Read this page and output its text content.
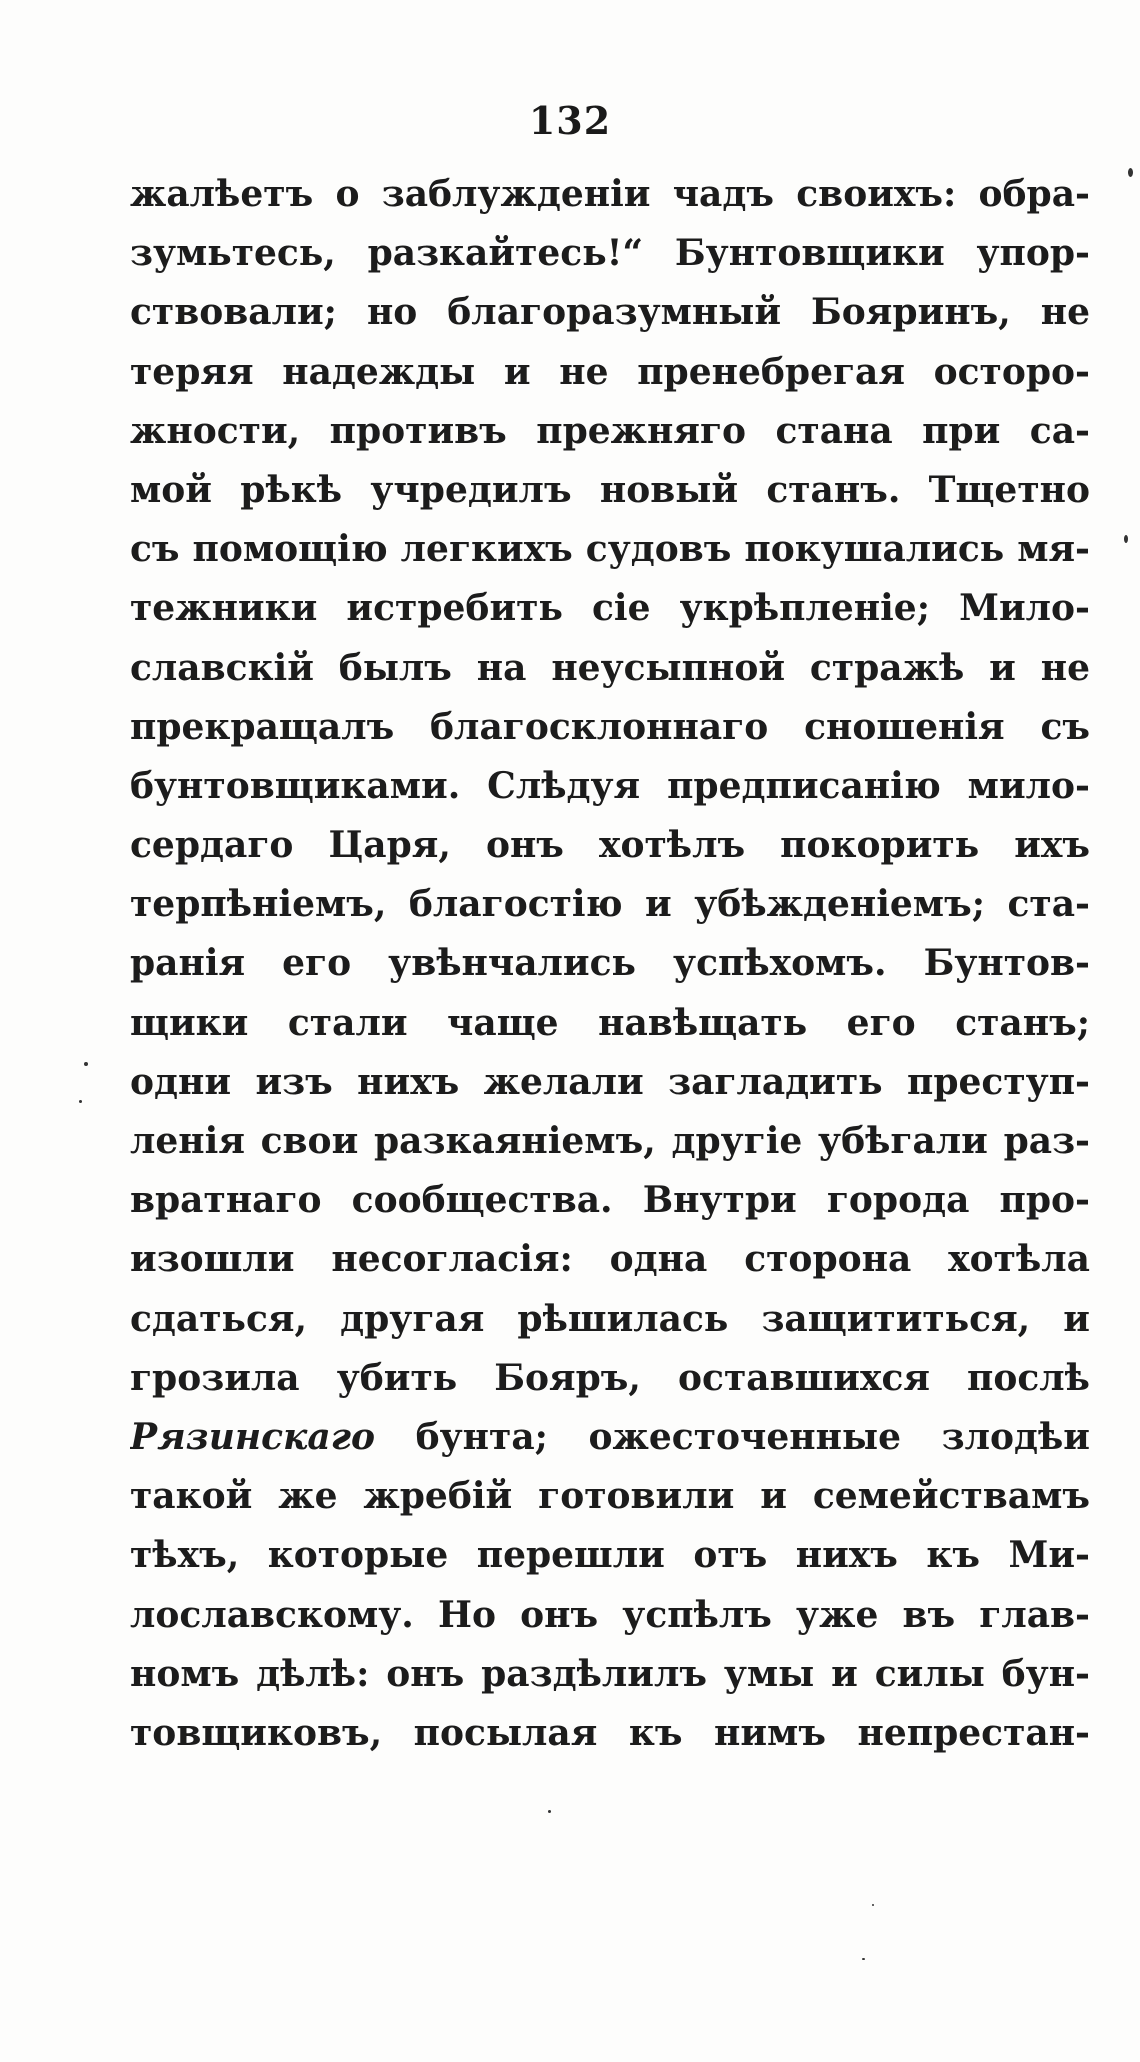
132
жалѣетъ о заблужденіи чадъ своихъ: обра-
зумьтесь, разкайтесь!“ Бунтовщики упор-
ствовали; но благоразумный Бояринъ, не
теряя надежды и не пренебрегая осторо-
жности, противъ прежняго стана при са-
мой рѣкѣ учредилъ новый станъ. Тщетно
съ помощію легкихъ судовъ покушались мя-
тежники истребить сіе укрѣпленіе; Мило-
славскій былъ на неусыпной стражѣ и не
прекращалъ благосклоннаго сношенія съ
бунтовщиками. Слѣдуя предписанію мило-
сердаго Царя, онъ хотѣлъ покорить ихъ
терпѣніемъ, благостію и убѣжденіемъ; ста-
ранія его увѣнчались успѣхомъ. Бунтов-
щики стали чаще навѣщать его станъ;
одни изъ нихъ желали загладить преступ-
ленія свои разкаяніемъ, другіе убѣгали раз-
вратнаго сообщества. Внутри города про-
изошли несогласія: одна сторона хотѣла
сдаться, другая рѣшилась защититься, и
грозила убить Бояръ, оставшихся послѣ
Рязинскаго бунта; ожесточенные злодѣи
такой же жребій готовили и семействамъ
тѣхъ, которые перешли отъ нихъ къ Ми-
лославскому. Но онъ успѣлъ уже въ глав-
номъ дѣлѣ: онъ раздѣлилъ умы и силы бун-
товщиковъ, посылая къ нимъ непрестан-
